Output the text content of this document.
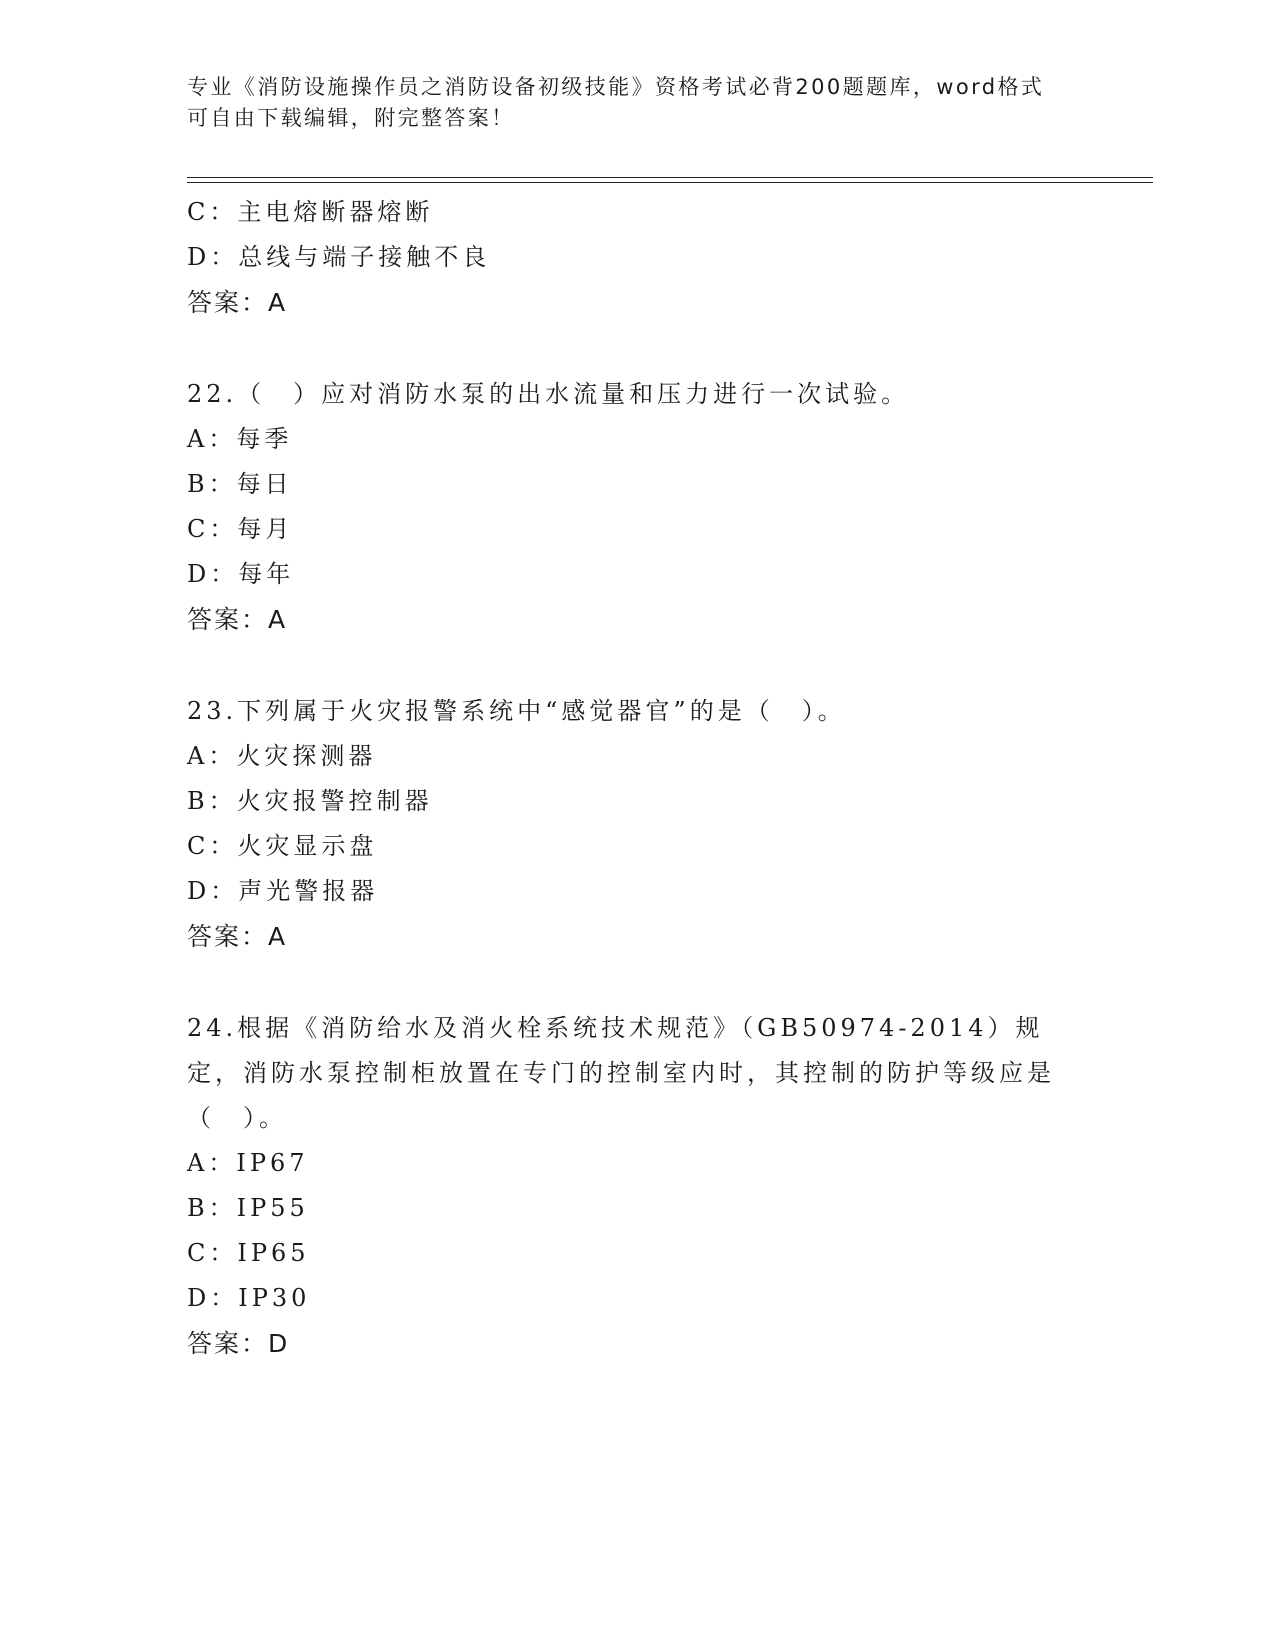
专业《消防设施操作员之消防设备初级技能》资格考试必背200题题库，word格式可自由下载编辑，附完整答案！
C：主电熔断器熔断
D：总线与端子接触不良
答案：A
22.（　）应对消防水泵的出水流量和压力进行一次试验。
A：每季
B：每日
C：每月
D：每年
答案：A
23.下列属于火灾报警系统中“感觉器官”的是（　）。
A：火灾探测器
B：火灾报警控制器
C：火灾显示盘
D：声光警报器
答案：A
24.根据《消防给水及消火栓系统技术规范》（GB50974-2014）规定，消防水泵控制柜放置在专门的控制室内时，其控制的防护等级应是（　）。
A：IP67
B：IP55
C：IP65
D：IP30
答案：D
